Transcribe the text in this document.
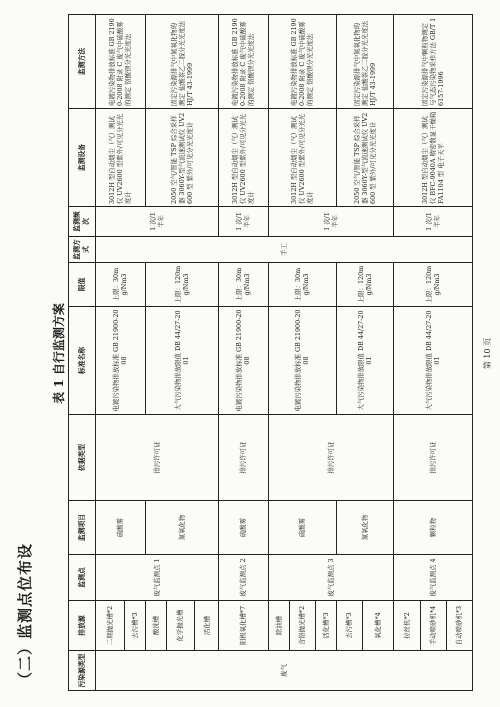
（二）监测点位布设
表 1 自行监测方案
污染源类型	排放源	监测点	监测项目	依据类型	标准名称	限值	监测方式	监测频次	监测设备	监测方法
废气	二期抛光槽*2	废气监测点 1	硫酸雾	排污许可证	电镀污染物排放标准 GB 21900-2008	上限：30mg/Nm3	手工	1 次/1 半年	3012H 型自动烟尘（气）测试仪 UV2600 型紫外/可见分光光度计	电镀污染物排放标准 GB 21900-2008 附录 C 废气中硫酸雾的测定 铬酸钡分光光度法
	去污槽*3									
	酸洗槽		氮氧化物		大气污染物排放限值 DB 44/27-2001	上限：120mg/Nm3			2050 空气/智能 TSP 综合采样器 3060Y-型气流速测试仪 UV2600 型 紫外/可见分光光度计	固定污染源排气中氮氧化物的测定 盐酸萘乙二胺分光光度法 HJ/T 43-1999
	化学抛光槽									
	活化槽									
	阳极氧化槽*7	废气监测点 2	硫酸雾	排污许可证	电镀污染物排放标准 GB 21900-2008	上限：30mg/Nm3		1 次/1 半年	3012H 型自动烟尘（气）测试仪 UV2600 型紫外/可见分光光度计	电镀污染物排放标准 GB 21900-2008 附录 C 废气中硫酸雾的测定 铬酸钡分光光度法
	除油槽	废气监测点 3	硫酸雾	排污许可证	电镀污染物排放标准 GB 21900-2008	上限：30mg/Nm3		1 次/1 半年	3012H 型自动烟尘（气）测试仪 UV2600 型紫外/可见分光光度计	电镀污染物排放标准 GB 21900-2008 附录 C 废气中硫酸雾的测定 铬酸钡分光光度法
	含铬抛光槽*2									
	活化槽*3									
	去污槽*3		氮氧化物		大气污染物排放限值 DB 44/27-2001	上限：120mg/Nm3			2050 空气/智能 TSP 综合采样器 3060Y-型气流速测试仪 UV2600 型 紫外/可见分光光度计	固定污染源排气中氮氧化物的测定 盐酸萘乙二胺分光光度法 HJ/T 43-1999
	氧化槽*4									
	拉丝机*2	废气监测点 4	颗粒物	排污许可证	大气污染物排放限值 DB 44/27-2001	上限：120mg/Nm3		1 次/1 半年	3012H 型自动烟尘（气）测试仪 BFC-9040A 精密数显干燥箱 FA1104 型 电子天平	固定污染源排气中颗粒物测定与气态污染物采样方法 GB/T 16157-1996
	手动喷砂机*4									
	自动喷砂机*3									
第 10 页
